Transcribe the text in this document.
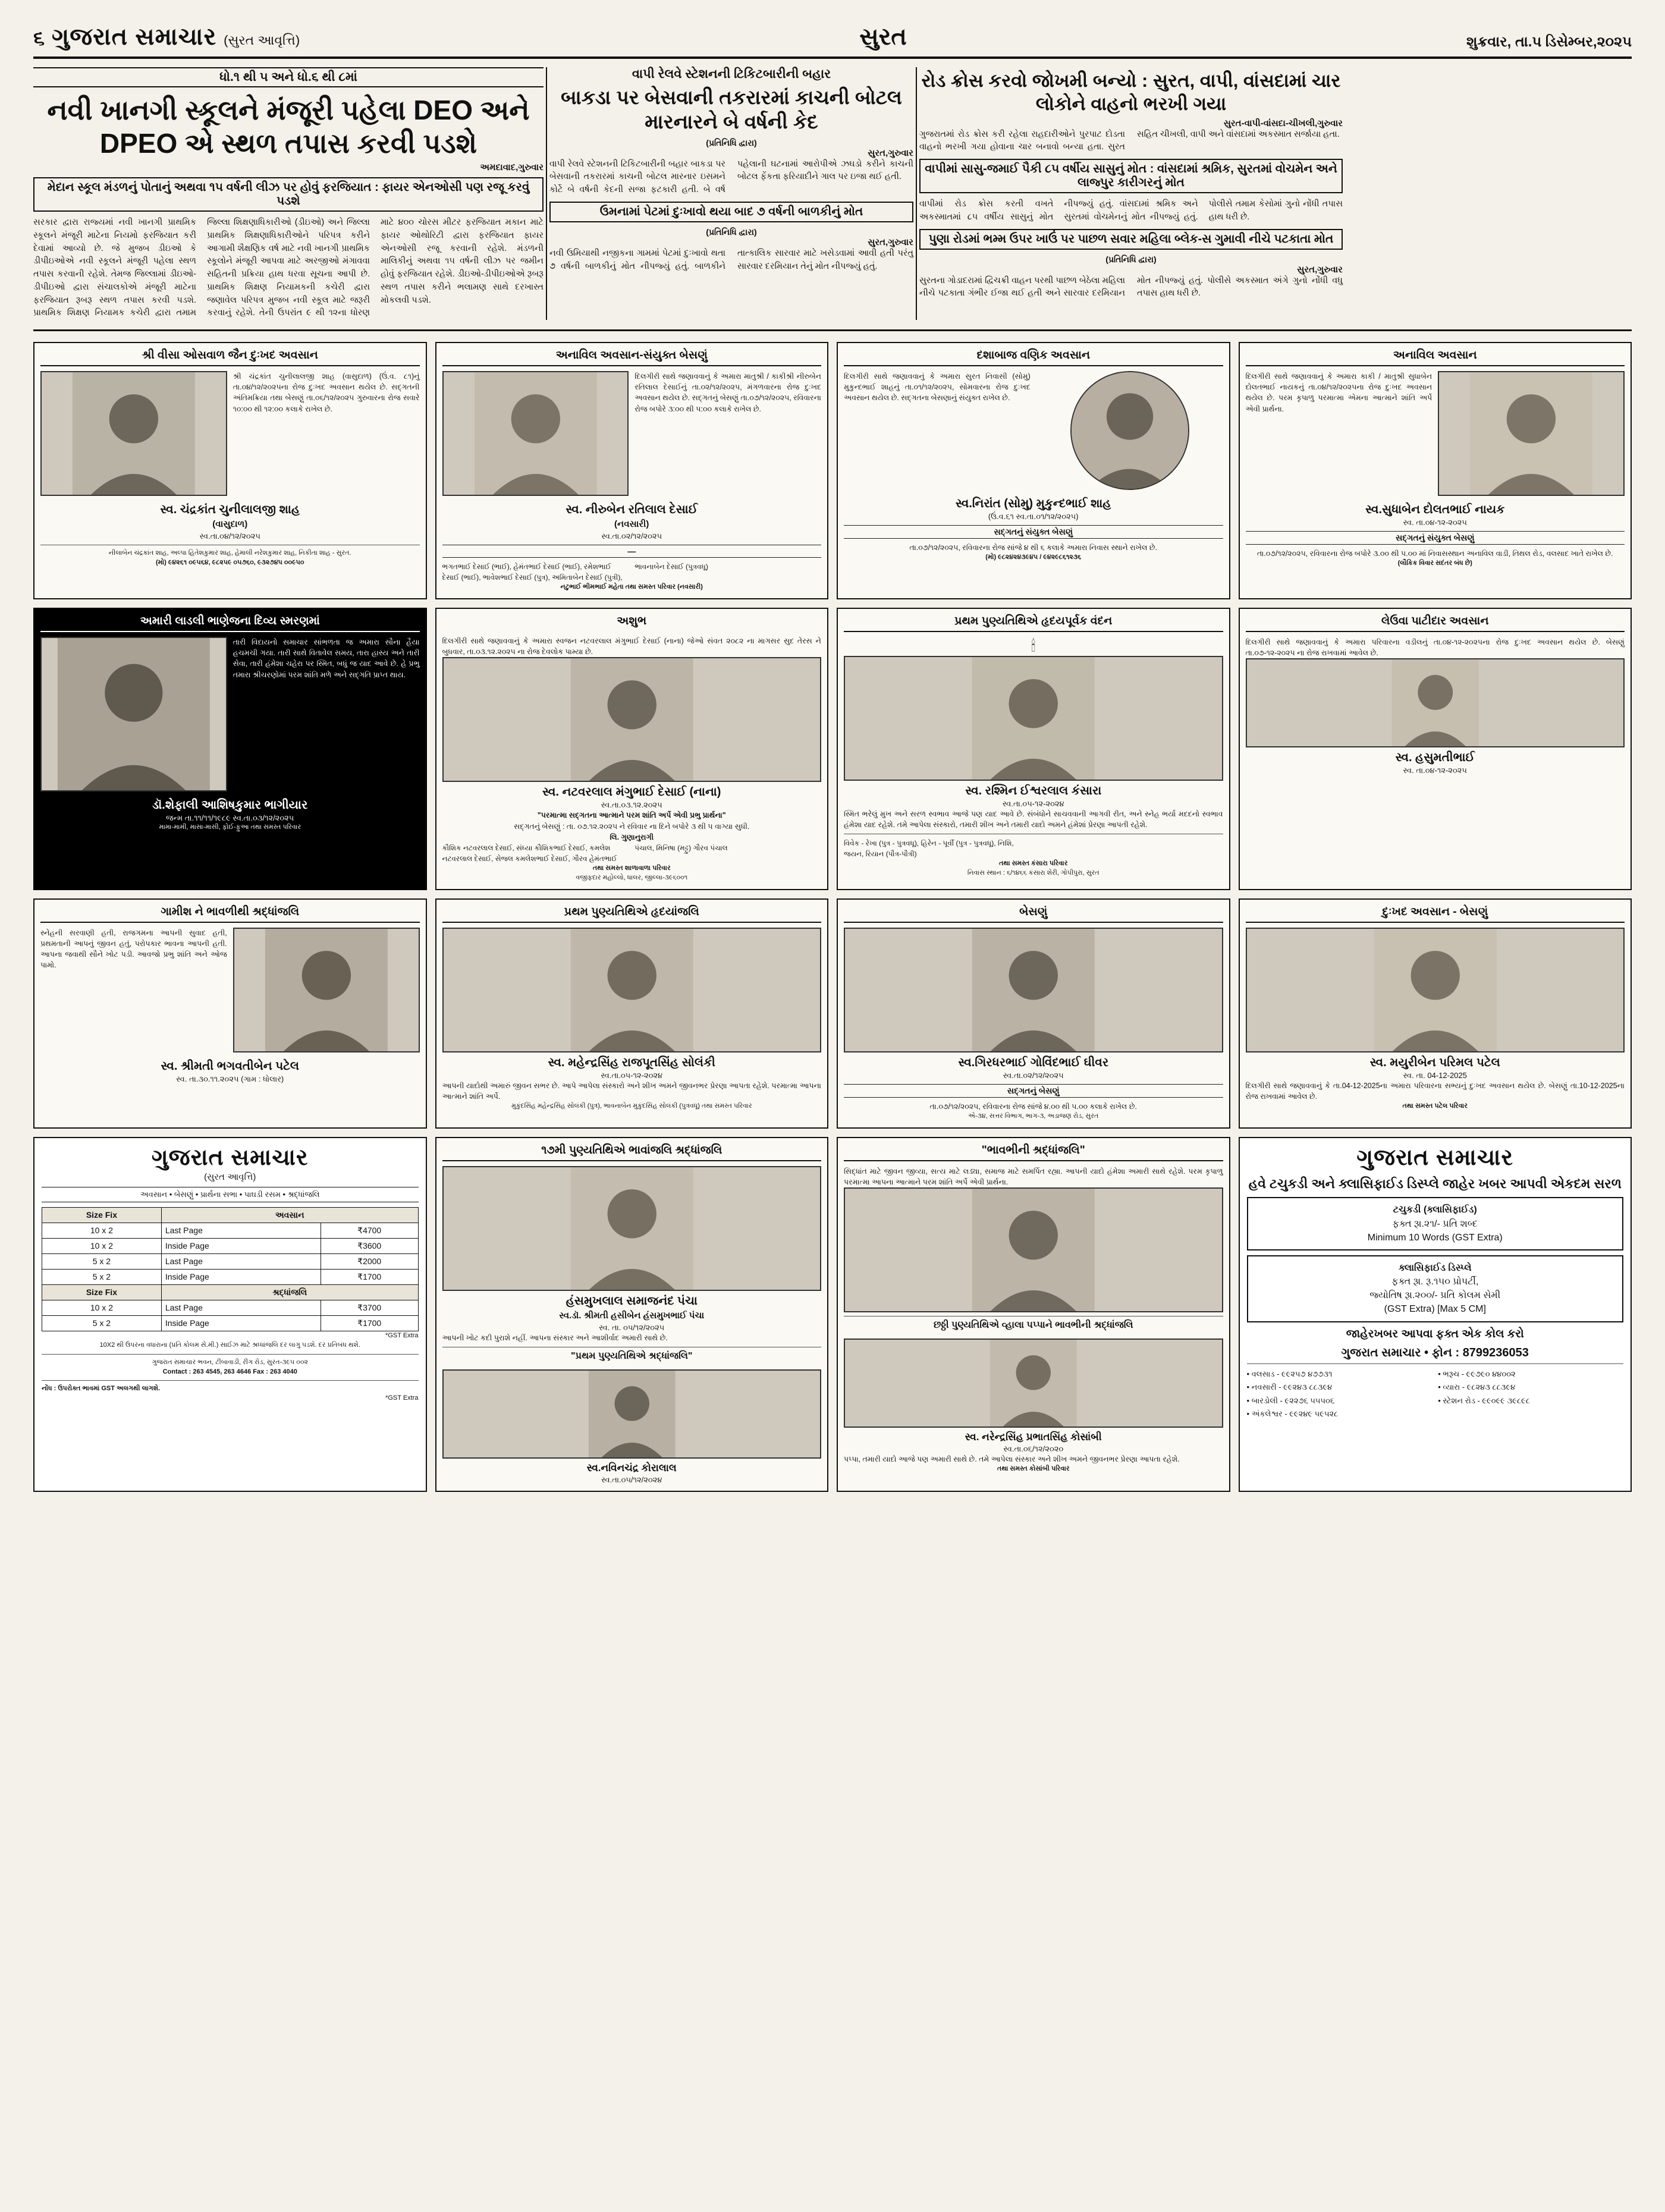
૬ ગુજરાત સમાચાર (સુરત આવૃત્તિ)	સુરત	શુક્રવાર, તા.૫ ડિસેમ્બર,૨૦૨૫
ધો.૧ થી ૫ અને ધો.૬ થી ૮માં
નવી ખાનગી સ્કૂલને મંજૂરી પહેલા DEO અને DPEO એ સ્થળ તપાસ કરવી પડશે
અમદાવાદ,ગુરુવાર
મેદાન સ્કૂલ મંડળનું પોતાનું અથવા ૧૫ વર્ષની લીઝ પર હોવું ફરજિયાત : ફાયર એનઓસી પણ રજૂ કરવું પડશે
સરકાર દ્વારા રાજ્યમાં નવી ખાનગી પ્રાથમિક સ્કૂલને મંજૂરી માટેના નિયમો ફરજિયાત કરી દેવામાં આવ્યો છે. જે મુજબ ડીઇઓ કે ડીપીઇઓએ નવી સ્કૂલને મંજૂરી પહેલા સ્થળ તપાસ કરવાની રહેશે. તેમજ જિલ્લામાં ડીઇઓ-ડીપીઇઓ દ્વારા સંચાલકોએ મંજૂરી માટેના ફરજિયાત રૂબરૂ સ્થળ તપાસ કરવી પડશે. પ્રાથમિક શિક્ષણ નિયામક કચેરી દ્વારા તમામ જિલ્લા શિક્ષણાધિકારીઓ (ડીઇઓ) અને જિલ્લા પ્રાથમિક શિક્ષણાધિકારીઓને પરિપત્ર કરીને આગામી શૈક્ષણિક વર્ષ માટે નવી ખાનગી પ્રાથમિક સ્કૂલોને મંજૂરી આપવા માટે અરજીઓ મંગાવવા સહિતની પ્રક્રિયા હાથ ધરવા સૂચના આપી છે. પ્રાથમિક શિક્ષણ નિયામકની કચેરી દ્વારા જણાવેલ પરિપત્ર મુજબ નવી સ્કૂલ માટે જરૂરી કરવાનું રહેશે. તેની ઉપરાંત ૯ થી ૧૨ના ધોરણ માટે ૪૦૦ ચોરસ મીટર ફરજિયાત મકાન માટે ફાયર ઓથોરિટી દ્વારા ફરજિયાત ફાયર એનઓસી રજૂ કરવાની રહેશે. મંડળની માલિકીનું અથવા ૧૫ વર્ષની લીઝ પર જમીન હોવું ફરજિયાત રહેશે. ડીઇઓ-ડીપીઇઓએ રૂબરૂ સ્થળ તપાસ કરીને ભલામણ સાથે દરખાસ્ત મોકલવી પડશે.
વાપી રેલવે સ્ટેશનની ટિકિટબારીની બહાર
બાકડા પર બેસવાની તકરારમાં કાચની બોટલ મારનારને બે વર્ષની કેદ
(પ્રતિનિધિ દ્વારા)
સુરત,ગુરુવાર
વાપી રેલવે સ્ટેશનની ટિકિટબારીની બહાર બાકડા પર બેસવાની તકરારમાં કાચની બોટલ મારનાર ઇસમને કોર્ટે બે વર્ષની કેદની સજા ફટકારી હતી. બે વર્ષ પહેલાની ઘટનામાં આરોપીએ ઝઘડો કરીને કાચની બોટલ ફેંકતા ફરિયાદીને ગાલ પર ઇજા થઈ હતી.
ઉમનામાં પેટમાં દુઃખાવો થયા બાદ ૭ વર્ષની બાળકીનું મોત
(પ્રતિનિધિ દ્વારા)
સુરત,ગુરુવાર
નવી ઉમિયાથી નજીકના ગામમાં પેટમાં દુઃખાવો થતા ૭ વર્ષની બાળકીનું મોત નીપજ્યું હતું. બાળકીને તાત્કાલિક સારવાર માટે ખસેડવામાં આવી હતી પરંતુ સારવાર દરમિયાન તેનું મોત નીપજ્યું હતું.
રોડ ક્રોસ કરવો જોખમી બન્યો : સુરત, વાપી, વાંસદામાં ચાર લોકોને વાહનો ભરખી ગયા
સુરત-વાપી-વાંસદા-ચીખલી,ગુરુવાર
ગુજરાતમાં રોડ ક્રોસ કરી રહેલા રાહદારીઓને પુરપાટ દોડતા વાહનો ભરખી ગયા હોવાના ચાર બનાવો બન્યા હતા. સુરત સહિત ચીખલી, વાપી અને વાંસદામાં અકસ્માત સર્જાયા હતા.
વાપીમાં સાસુ-જમાઈ પૈકી ૮૫ વર્ષીય સાસુનું મોત : વાંસદામાં શ્રમિક, સુરતમાં વોચમેન અને લાજ્પુર કારીગરનું મોત
વાપીમાં રોડ ક્રોસ કરતી વખતે અકસ્માતમાં ૮૫ વર્ષીય સાસુનું મોત નીપજ્યું હતું. વાંસદામાં શ્રમિક અને સુરતમાં વોચમેનનું મોત નીપજ્યું હતું. પોલીસે તમામ કેસોમાં ગુનો નોંધી તપાસ હાથ ધરી છે.
પુણા રોડમાં ભમ્મ ઉપર ખાઉં પર પાછળ સવાર મહિલા બ્લેક-સ ગુમાવી નીચે પટકાતા મોત
(પ્રતિનિધિ દ્વારા)
સુરત,ગુરુવાર
સુરતના ગોડાદરામાં દ્વિચક્રી વાહન પરથી પાછળ બેઠેલા મહિલા નીચે પટકાતા ગંભીર ઈજા થઈ હતી અને સારવાર દરમિયાન મોત નીપજ્યું હતું. પોલીસે અકસ્માત અંગે ગુનો નોંધી વધુ તપાસ હાથ ધરી છે.
શ્રી વીસા ઓસવાળ જૈન દુઃખદ અવસાન
શ્રી ચંદ્રકાંત ચુનીલાલજી શાહ (વાસુદાળ) (ઉં.વ. ૮૧)નું તા.૦૪/૧૨/૨૦૨૫ના રોજ દુઃખદ અવસાન થયેલ છે. સદ્ગતની અંતિમક્રિયા તથા બેસણું તા.૦૬/૧૨/૨૦૨૫ ગુરુવારના રોજ સવારે ૧૦:૦૦ થી ૧૨:૦૦ કલાકે રાખેલ છે.
સ્વ. ચંદ્રકાંત ચુનીલાલજી શાહ
(વાસુદાળ)
સ્વ.તા.૦૪/૧૨/૨૦૨૫
નીલાબેન ચંદ્રકાંત શાહ, અલ્પા હિતેશકુમાર શાહ, હેમાલી નરેશકુમાર શાહ, નિકીતા શાહ - સુરત.
(મો) ૯૪૨૬૧ ૦૯૫૬૪, ૯૮૨૫૯ ૦૫૭૬૦, ૯૩૨૭૪૫ ૦૦૯૫૦
અનાવિલ અવસાન-સંયુક્ત બેસણું
દિલગીરી સાથે જણાવવાનું કે અમારા માતુશ્રી / કાકીશ્રી નીરુબેન રતિલાલ દેસાઈનું તા.૦૨/૧૨/૨૦૨૫, મંગળવારના રોજ દુઃખદ અવસાન થયેલ છે. સદ્ગતનું બેસણું તા.૦૭/૧૨/૨૦૨૫, રવિવારના રોજ બપોરે ૩:૦૦ થી ૫:૦૦ કલાકે રાખેલ છે.
સ્વ. નીરુબેન રતિલાલ દેસાઈ
(નવસારી)
સ્વ.તા.૦૨/૧૨/૨૦૨૫
—
ભગતભાઈ દેસાઈ (ભાઈ), હેમંતભાઈ દેસાઈ (ભાઈ), રમેશભાઈ દેસાઈ (ભાઈ), ભાવેશભાઈ દેસાઈ (પુત્ર), અમિતાબેન દેસાઈ (પુત્રી), ભાવનાબેન દેસાઈ (પુત્રવધૂ)
નટુભાઈ ભીમભાઈ મહેતા તથા સમસ્ત પરિવાર (નવસારી)
દશાબાજ વણિક અવસાન
દિલગીરી સાથે જણાવવાનું કે અમારા સુરત નિવાસી (સોમુ) મુકુન્દભાઈ શાહનું તા.૦૧/૧૨/૨૦૨૫, સોમવારના રોજ દુઃખદ અવસાન થયેલ છે. સદ્ગતના બેસણાનું સંયુક્ત રાખેલ છે.
સ્વ.નિરાંત (સોમુ) મુકુન્દભાઈ શાહ
(ઉં.વ.૬૧ સ્વ.તા.૦૧/૧૨/૨૦૨૫)
સદ્ગતનું સંયુક્ત બેસણું
તા.૦૭/૧૨/૨૦૨૫, રવિવારના રોજ સાંજે ૪ થી ૬ કલાકે અમારા નિવાસ સ્થાને રાખેલ છે.
(મો) ૯૮૨૪૨૪૩૯૪૫ / ૯૪૨૯૮૬૧૨૩૬
અનાવિલ અવસાન
દિલગીરી સાથે જણાવવાનું કે અમારા કાકી / માતુશ્રી સુધાબેન દોલતભાઈ નાયકનું તા.૦૪/૧૨/૨૦૨૫ના રોજ દુઃખદ અવસાન થયેલ છે. પરમ કૃપાળુ પરમાત્મા એમના આત્માને શાંતિ અર્પે એવી પ્રાર્થના.
સ્વ.સુધાબેન દોલતભાઈ નાયક
સ્વ. તા.૦૪-૧૨-૨૦૨૫
સદ્ગતનું સંયુક્ત બેસણું
તા.૦૭/૧૨/૨૦૨૫, રવિવારના રોજ બપોરે ૩.૦૦ થી ૫.૦૦ માં નિવાસસ્થાન અનાવિલ વાડી, તિથલ રોડ, વલસાદ ખાતે રાખેલ છે.
(લૌકિક વિવાર સદંતર બંધ છે)
અમારી લાડલી ભાણેજના દિવ્ય સ્મરણમાં
તારી વિદાયનો સમાચાર સાંભળતા જ અમારા સૌના હૈયા હચમચી ગયા. તારી સાથે વિતાવેલ સમય, તારા હાસ્ય અને તારી સેવા, તારી હંમેશા ચહેરા પર સ્મિત, બધું જ યાદ આવે છે. હે પ્રભુ તમારા શ્રીચરણોમાં પરમ શાંતિ મળે અને સદ્ગતિ પ્રાપ્ત થાય.
ડૉ.શેફાલી આશિષકુમાર ભાગીયાર
જન્મ તા.૧૧/૧૧/૧૯૮૯ સ્વ.તા.૦૩/૧૨/૨૦૨૫
મામા-મામી, માસા-માસી, ફોઈ-ફુઆ તથા સમસ્ત પરિવાર
અશુભ
દિલગીરી સાથે જણાવવાનું કે અમારા સ્વજન નટવરલાલ મંગુભાઈ દેસાઈ (નાના) જેઓ સંવત ૨૦૮૨ ના માગસર સુદ તેરસ ને બુધવાર, તા.૦૩.૧૨.૨૦૨૫ ના રોજ દેવલોક પામ્યા છે.
સ્વ. નટવરલાલ મંગુભાઈ દેસાઈ (નાના)
સ્વ.તા.૦૩.૧૨.૨૦૨૫
"પરમાત્મા સદ્ગતના આત્માને પરમ શાંતિ અર્પે એવી પ્રભુ પ્રાર્થના"
સદ્ગતનું બેસણું : તા. ૦૭.૧૨.૨૦૨૫ ને રવિવાર ના દિને બપોરે ૩ થી ૫ વાગ્યા સુધી.
લિ. ગુણાનુરાગી
કૌશિક નટવરલાલ દેસાઈ, સંધ્યા કૌશિકભાઈ દેસાઈ, કમલેશ નટવરલાલ દેસાઈ, સેજલ કમલેશભાઈ દેસાઈ, ગૌરવ હેમંતભાઈ પંચાલ, મિનિષા (મટ્ટુ) ગૌરવ પંચાલ
તથા સમસ્ત શાળાવાળા પરિવાર
વજીફદાર મહોલ્લો, ધાલર, જીલ્લા-૩૯૬૦૦૧
પ્રથમ પુણ્યતિથિએ હૃદયપૂર્વક વંદન
🕯
સ્વ. રશ્મિન ઈશ્વરલાલ કંસારા
સ્વ.તા.૦૫-૧૨-૨૦૨૪
સ્મિત ભરેલું મુખ અને સરળ સ્વભાવ આજે પણ યાદ આવે છે. સંબંધોને સાચવવાની આગવી રીત, અને સ્નેહ ભર્યા મદદનો સ્વભાવ હંમેશા યાદ રહેશે. તમે આપેલા સંસ્કારો, તમારી શીખ અને તમારી યાદો અમને હંમેશાં પ્રેરણા આપતી રહેશે.
વિવેક - રેખા (પુત્ર - પુત્રવધૂ), હિરેન - પૂર્વી (પુત્ર - પુત્રવધૂ), નિશિ, જયન, રિયાન (પૌત્ર-પૌત્રી)
તથા સમસ્ત કંસારા પરિવાર
નિવાસ સ્થાન : ૬/૧૪૬૬ કંસારા શેરી, ગોપીપુરા, સુરત
લેઉવા પાટીદાર અવસાન
દિલગીરી સાથે જણાવવાનું કે અમારા પરિવારના વડીલનું તા.૦૪-૧૨-૨૦૨૫ના રોજ દુઃખદ અવસાન થયેલ છે. બેસણું તા.૦૭-૧૨-૨૦૨૫ ના રોજ રાખવામાં આવેલ છે.
સ્વ. હસુમતીભાઈ
સ્વ. તા.૦૪-૧૨-૨૦૨૫
ગામીશ ને ભાવળીથી શ્રદ્ધાંજલિ
સ્નેહની સરવાણી હતી, રાજગમના આપની સુવાદ હતી, પ્રથમતાની આપનું જીવન હતું, પરોપકાર ભાવના આપની હતી. આપના જવાથી સૌને ખોટ પડી. આવજો પ્રભુ શાંતિ અને ઓજ પામો.
સ્વ. શ્રીમતી ભગવતીબેન પટેલ
સ્વ. તા.૩૦.૧૧.૨૦૨૫ (ગામ : ધોલાર)
પ્રથમ પુણ્યતિથિએ હૃદયાંજલિ
સ્વ. મહેન્દ્રસિંહ રાજપૂતસિંહ સોલંકી
સ્વ.તા.૦૫-૧૨-૨૦૨૪
આપની યાદોથી અમારું જીવન સભર છે. આપે આપેલા સંસ્કારો અને શીખ અમને જીવનભર પ્રેરણા આપતા રહેશે. પરમાત્મા આપના આત્માને શાંતિ અર્પે.
મુકુંદસિંહ મહેન્દ્રસિંહ સોલંકી (પુત્ર), ભાવનાબેન મુકુંદસિંહ સોલંકી (પુત્રવધૂ) તથા સમસ્ત પરિવાર
બેસણું
સ્વ.ગિરધરભાઈ ગોવિંદભાઈ ઘીવર
સ્વ.તા.૦૨/૧૨/૨૦૨૫
સદ્ગતનું બેસણું
તા.૦૭/૧૨/૨૦૨૫, રવિવારના રોજ સાંજે ૪.૦૦ થી ૫.૦૦ કલાકે રાખેલ છે.
એ-૩૪, સત્તર વિભાગ, ભાગ-૩, અડાજણ રોડ, સુરત
દુઃખદ અવસાન - બેસણું
સ્વ. મયુરીબેન પરિમલ પટેલ
સ્વ. તા. 04-12-2025
દિલગીરી સાથે જણાવવાનું કે તા.04-12-2025ના અમારા પરિવારના સભ્યનું દુઃખદ અવસાન થયેલ છે. બેસણું તા.10-12-2025ના રોજ રાખવામાં આવેલ છે.
તથા સમસ્ત પટેલ પરિવાર
ગુજરાત સમાચાર
(સુરત આવૃત્તિ)
અવસાન • બેસણું • પ્રાર્થના સભા • પાઘડી રસમ • શ્રદ્ધાંજલિ
Size Fix	અવસાન	
10 x 2	Last Page	₹4700
10 x 2	Inside Page	₹3600
5 x 2	Last Page	₹2000
5 x 2	Inside Page	₹1700
Size Fix	શ્રદ્ધાંજલિ	
10 x 2	Last Page	₹3700
5 x 2	Inside Page	₹1700
*GST Extra
10X2 થી ઉપરના વધારાના (પ્રતિ કોલમ સે.મી.) સાઈઝ માટે શ્રધ્ધાંજલિ દર લાગુ પડશે. દર પ્રતિબંધ થશે.
ગુજરાત સમાચાર ભવન, ટીંબાવાડી, રીંગ રોડ, સુરત-૩૯૫ ૦૦૨
Contact : 263 4545, 263 4646 Fax : 263 4040
નોંધ : ઉપરોક્ત ભાવમાં GST અલગથી લાગશે.
*GST Extra
૧૭મી પુણ્યતિથિએ ભાવાંજલિ શ્રદ્ધાંજલિ
હંસમુખલાલ સમાજનંદ પંચા
સ્વ.ડૉ. શ્રીમતી હસીબેન હંસમુખભાઈ પંચા
સ્વ. તા. ૦૫/૧૨/૨૦૨૫
આપની ખોટ કદી પુરાશે નહીં. આપના સંસ્કાર અને આશીર્વાદ અમારી સાથે છે.
"પ્રથમ પુણ્યતિથિએ શ્રદ્ધાંજલિ"
સ્વ.નવિનચંદ્ર કોરાલાલ
સ્વ.તા.૦૫/૧૨/૨૦૨૪
"ભાવભીની શ્રદ્ધાંજલિ"
સિદ્ધાંત માટે જીવન જીવ્યા, સત્ય માટે લડ્યા, સમાજ માટે સમર્પિત રહ્યા. આપની યાદો હંમેશા અમારી સાથે રહેશે. પરમ કૃપાળુ પરમાત્મા આપના આત્માને પરમ શાંતિ અર્પે એવી પ્રાર્થના.
છઠ્ઠી પુણ્યતિથિએ વ્હાલા પપ્પાને ભાવભીની શ્રદ્ધાંજલિ
સ્વ. નરેન્દ્રસિંહ પ્રભાતસિંહ કોસાંબી
સ્વ.તા.૦૬/૧૨/૨૦૨૦
પપ્પા, તમારી યાદો આજે પણ અમારી સાથે છે. તમે આપેલા સંસ્કાર અને શીખ અમને જીવનભર પ્રેરણા આપતા રહેશે.
તથા સમસ્ત કોસાંબી પરિવાર
ગુજરાત સમાચાર
હવે ટચુકડી અને ક્લાસિફાઈડ ડિસ્પ્લે જાહેર ખબર આપવી એકદમ સરળ
ટચુકડી (ક્લાસિફાઈડ)
ફક્ત રૂા.૨૧/- પ્રતિ શબ્દ
Minimum 10 Words (GST Extra)
ક્લાસિફાઈડ ડિસ્પ્લે
ફક્ત રૂા. રૂ.૧૫૦ પ્રોપર્ટી,
જ્યોતિષ રૂા.૨૦૦/- પ્રતિ કોલમ સેમી
(GST Extra) [Max 5 CM]
જાહેરખબર આપવા ફક્ત એક કોલ કરો
ગુજરાત સમાચાર • ફોન : 8799236053
• વલસાડ - ૯૯૨૫૭ ૪૭૭૩૧
• નવસારી - ૯૯૨૪૩ ૮૮૩૯૪
• બારડોલી - ૯૨૨૭૬ ૫૫૫૦૬
• અંકલેશ્વર - ૯૯૨૪૯ ૫૯૫૨૮
• ભરૂચ - ૯૯૭૯૦ ૪૪૦૦૨
• વ્યારા - ૯૮૨૪૩ ૮૮૩૯૪
• સ્ટેશન રોડ - ૯૯૦૯૯ ૩૯૮૯૮
